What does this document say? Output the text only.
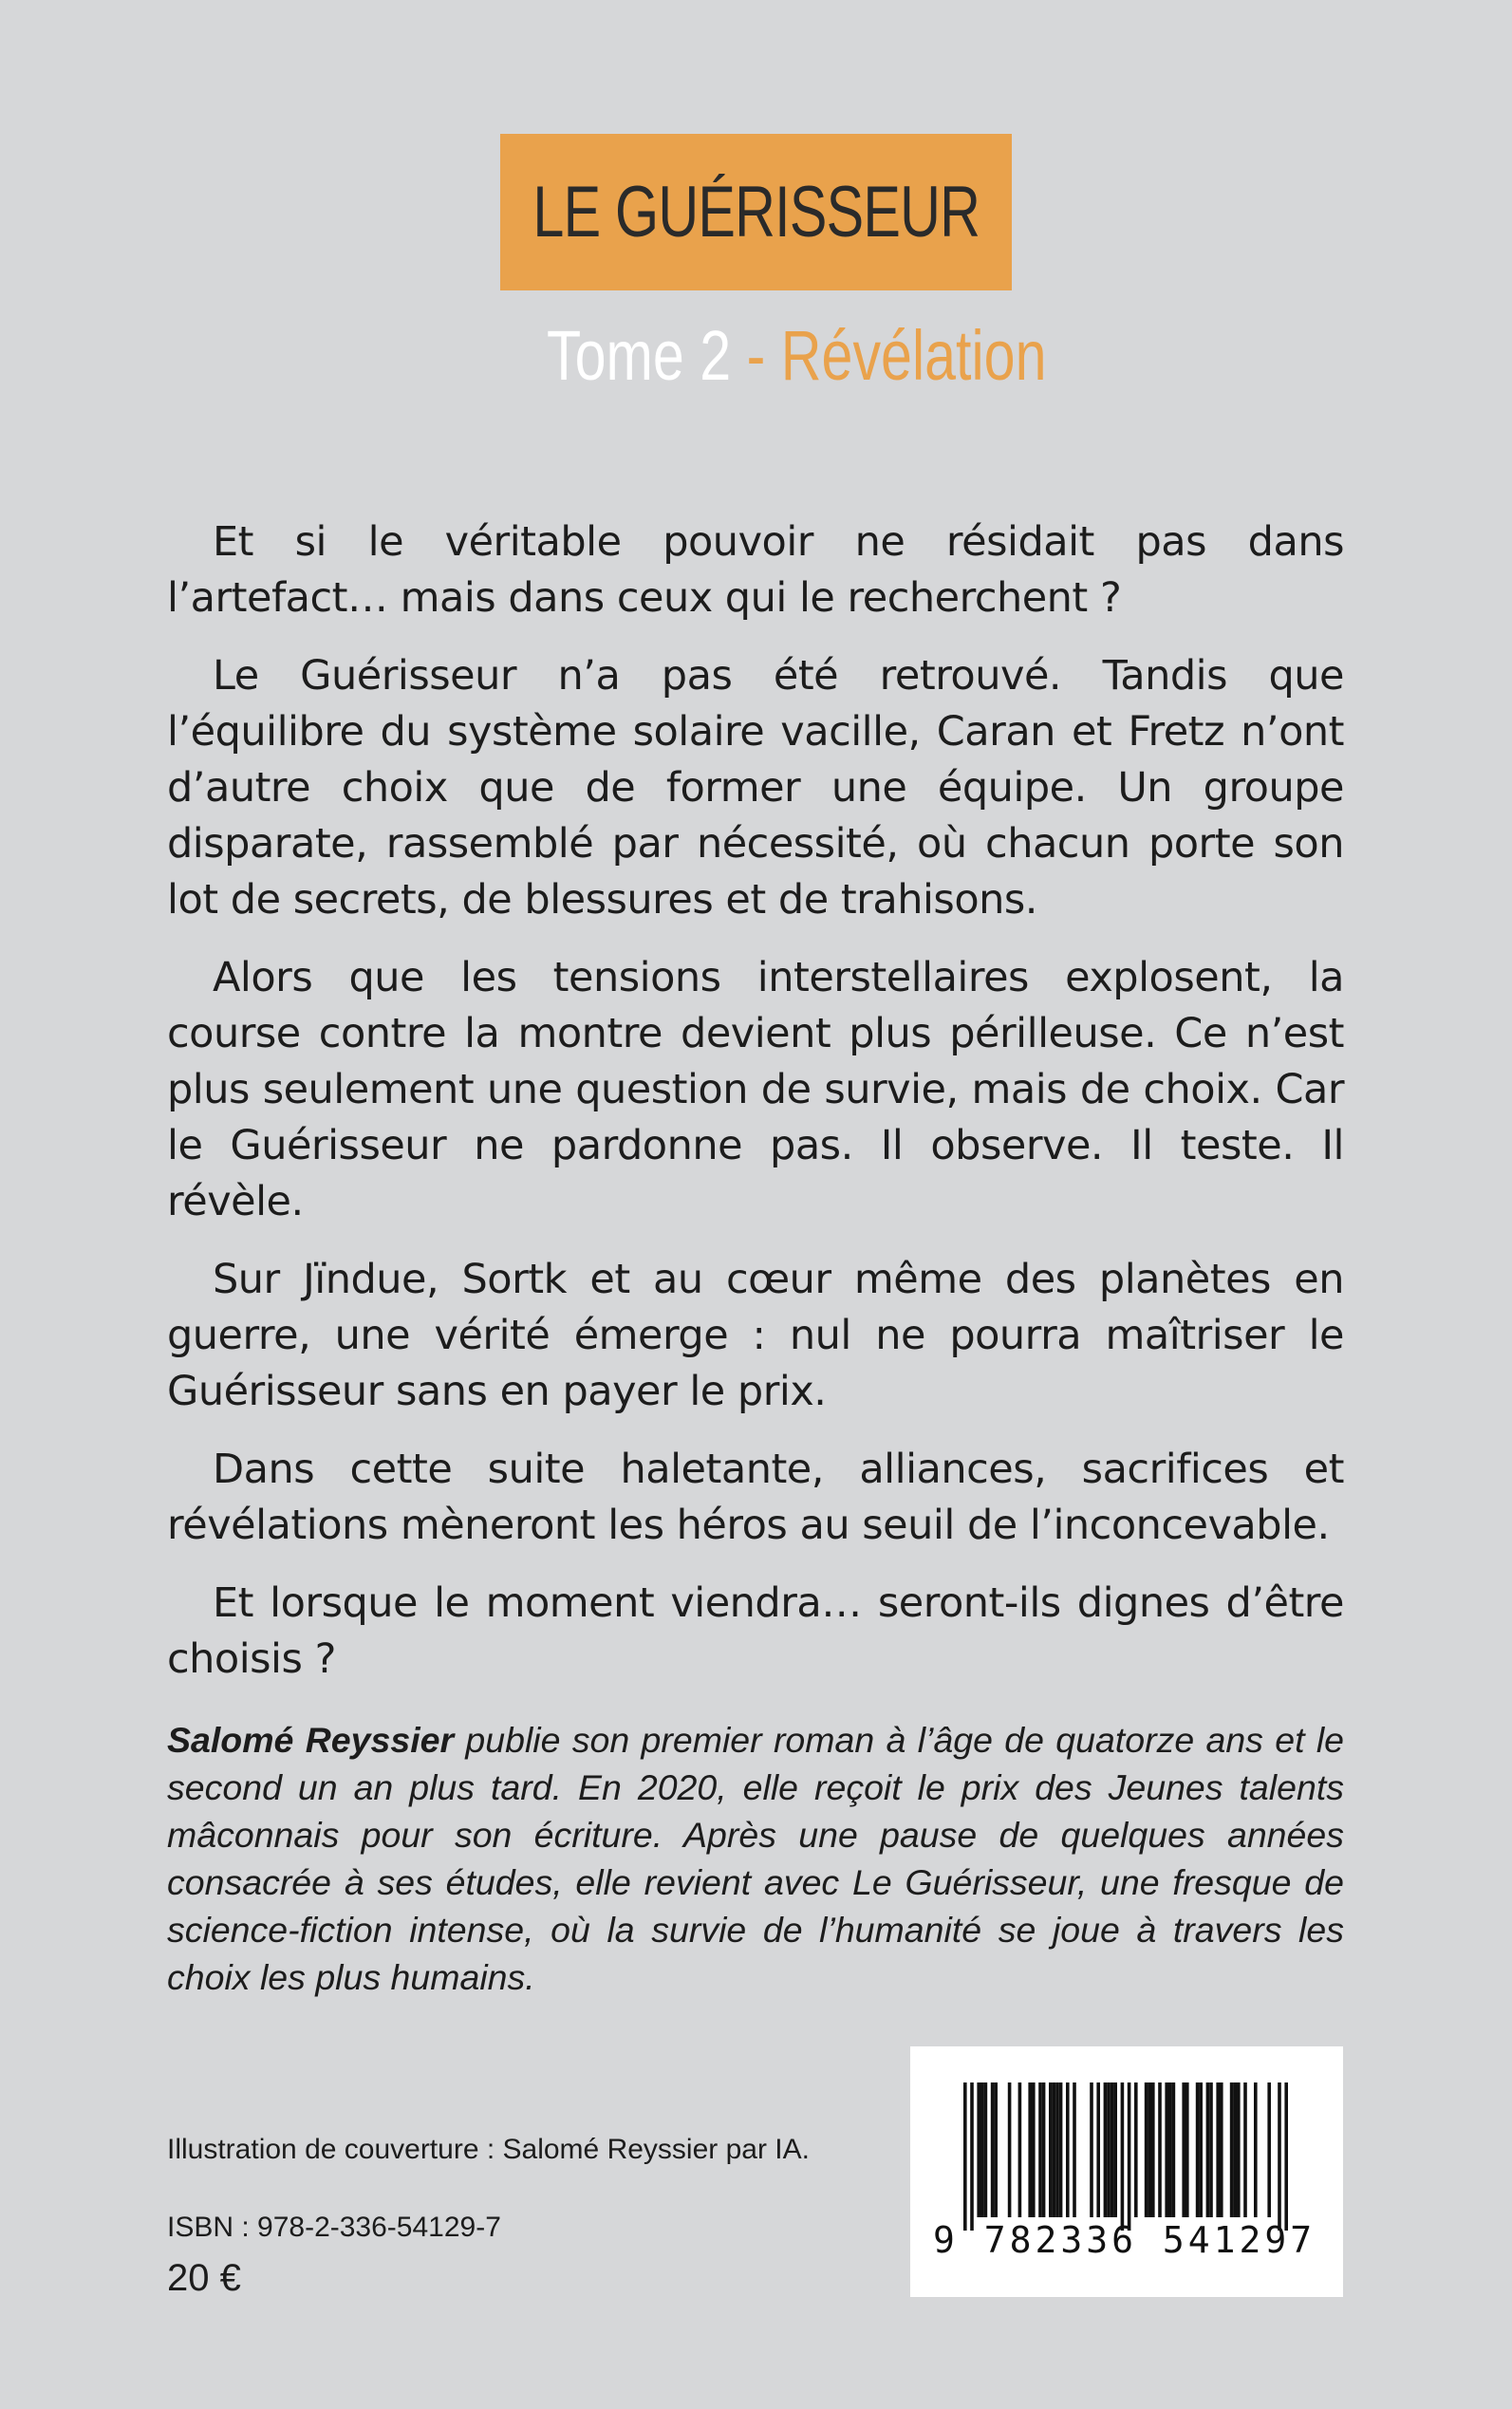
LE GUÉRISSEUR
Tome 2 - Révélation

Et si le véritable pouvoir ne résidait pas dans l’artefact… mais dans ceux qui le recherchent ?

Le Guérisseur n’a pas été retrouvé. Tandis que l’équilibre du système solaire vacille, Caran et Fretz n’ont d’autre choix que de former une équipe. Un groupe disparate, rassemblé par nécessité, où chacun porte son lot de secrets, de blessures et de trahisons.

Alors que les tensions interstellaires explosent, la course contre la montre devient plus périlleuse. Ce n’est plus seulement une question de survie, mais de choix. Car le Guérisseur ne pardonne pas. Il observe. Il teste. Il révèle.

Sur Jïndue, Sortk et au cœur même des planètes en guerre, une vérité émerge : nul ne pourra maîtriser le Guérisseur sans en payer le prix.

Dans cette suite haletante, alliances, sacrifices et révélations mèneront les héros au seuil de l’inconcevable.

Et lorsque le moment viendra… seront-ils dignes d’être choisis ?

Salomé Reyssier publie son premier roman à l’âge de quatorze ans et le second un an plus tard. En 2020, elle reçoit le prix des Jeunes talents mâconnais pour son écriture. Après une pause de quelques années consacrée à ses études, elle revient avec Le Guérisseur, une fresque de science-fiction intense, où la survie de l’humanité se joue à travers les choix les plus humains.
Illustration de couverture : Salomé Reyssier par IA.
ISBN : 978-2-336-54129-7
20 €
9 782336 541297
